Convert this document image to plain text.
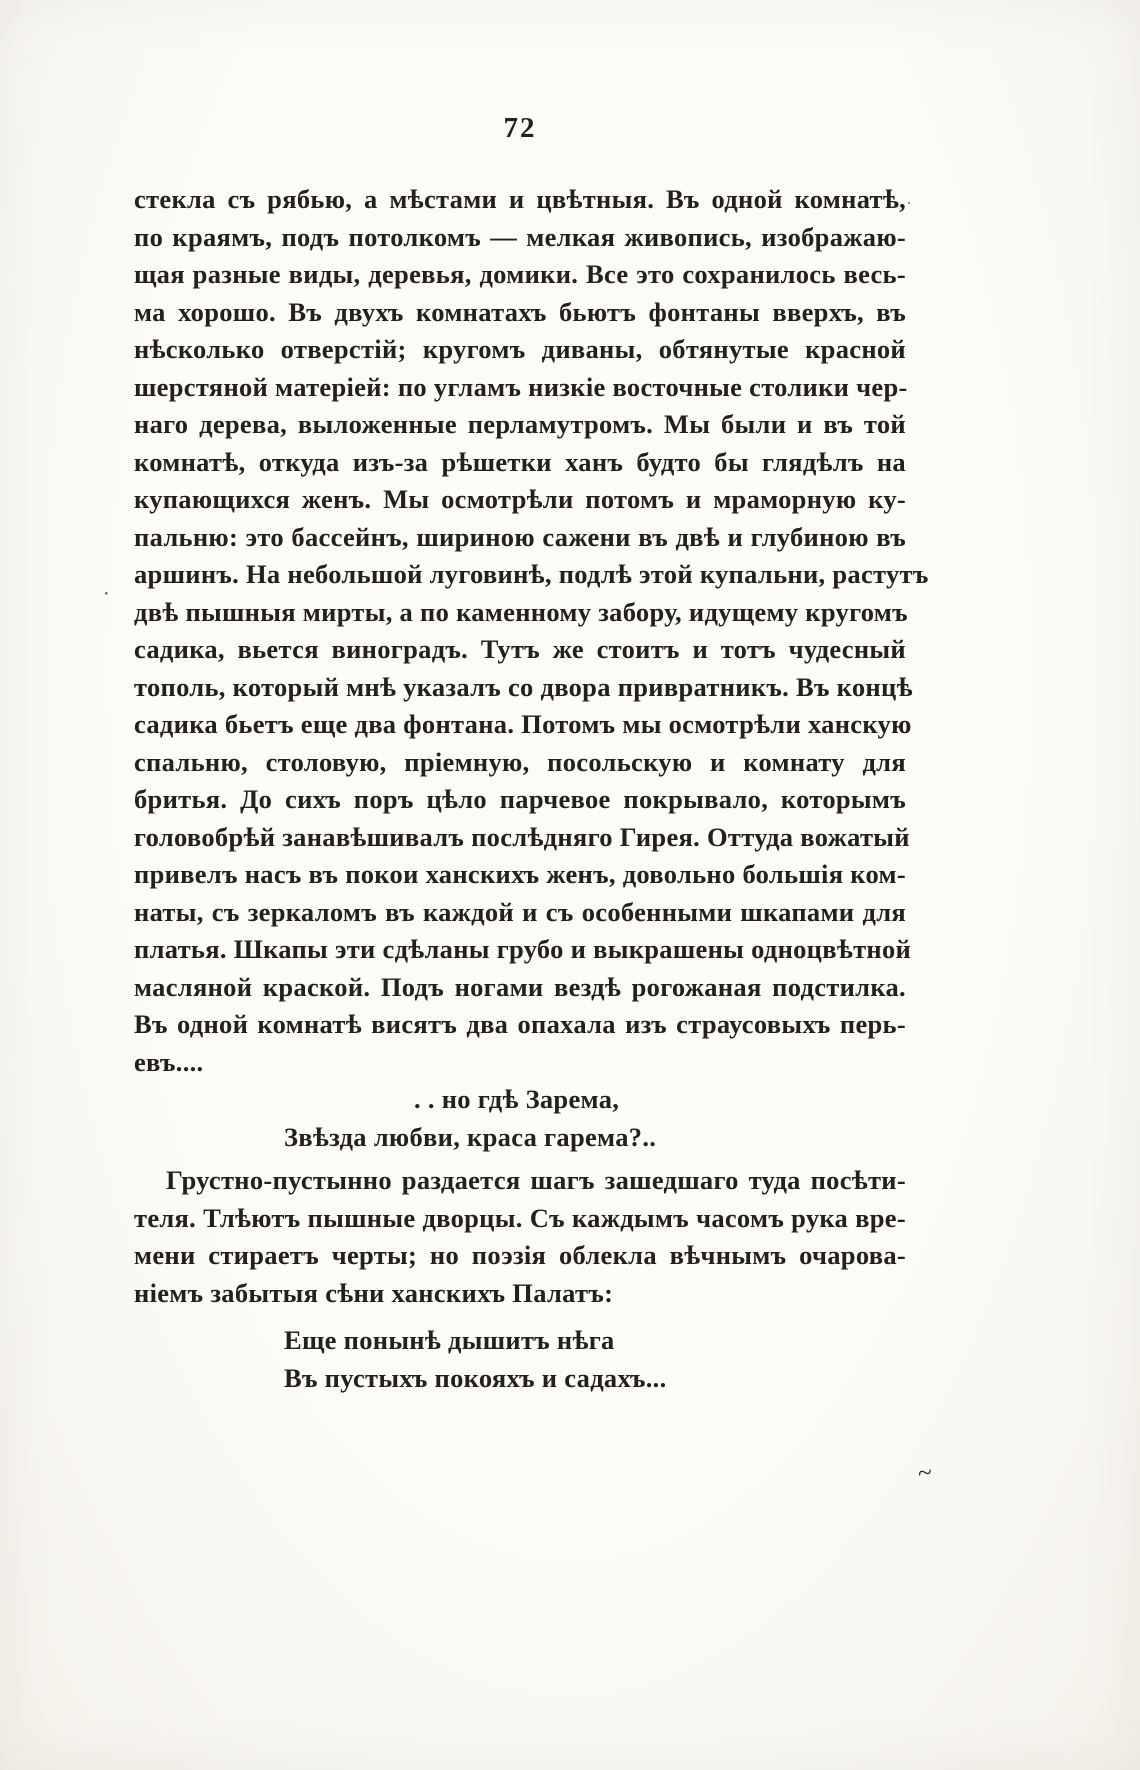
72
стекла съ рябью, а мѣстами и цвѣтныя. Въ одной комнатѣ,
по краямъ, подъ потолкомъ — мелкая живопись, изображаю-
щая разные виды, деревья, домики. Все это сохранилось весь-
ма хорошо. Въ двухъ комнатахъ бьютъ фонтаны вверхъ, въ
нѣсколько отверстій; кругомъ диваны, обтянутые красной
шерстяной матеріей: по угламъ низкіе восточные столики чер-
наго дерева, выложенные перламутромъ. Мы были и въ той
комнатѣ, откуда изъ-за рѣшетки ханъ будто бы глядѣлъ на
купающихся женъ. Мы осмотрѣли потомъ и мраморную ку-
пальню: это бассейнъ, шириною сажени въ двѣ и глубиною въ
аршинъ. На небольшой луговинѣ, подлѣ этой купальни, растутъ
двѣ пышныя мирты, а по каменному забору, идущему кругомъ
садика, вьется виноградъ. Тутъ же стоитъ и тотъ чудесный
тополь, который мнѣ указалъ со двора привратникъ. Въ концѣ
садика бьетъ еще два фонтана. Потомъ мы осмотрѣли ханскую
спальню, столовую, пріемную, посольскую и комнату для
бритья. До сихъ поръ цѣло парчевое покрывало, которымъ
головобрѣй занавѣшивалъ послѣдняго Гирея. Оттуда вожатый
привелъ насъ въ покои ханскихъ женъ, довольно большія ком-
наты, съ зеркаломъ въ каждой и съ особенными шкапами для
платья. Шкапы эти сдѣланы грубо и выкрашены одноцвѣтной
масляной краской. Подъ ногами вездѣ рогожаная подстилка.
Въ одной комнатѣ висятъ два опахала изъ страусовыхъ перь-
евъ....
. . но гдѣ Зарема,
Звѣзда любви, краса гарема?..
Грустно-пустынно раздается шагъ зашедшаго туда посѣти-
теля. Тлѣютъ пышные дворцы. Съ каждымъ часомъ рука вре-
мени стираетъ черты; но поэзія облекла вѣчнымъ очарова-
ніемъ забытыя сѣни ханскихъ Палатъ:
Еще понынѣ дышитъ нѣга
Въ пустыхъ покояхъ и садахъ...
·
·
~
